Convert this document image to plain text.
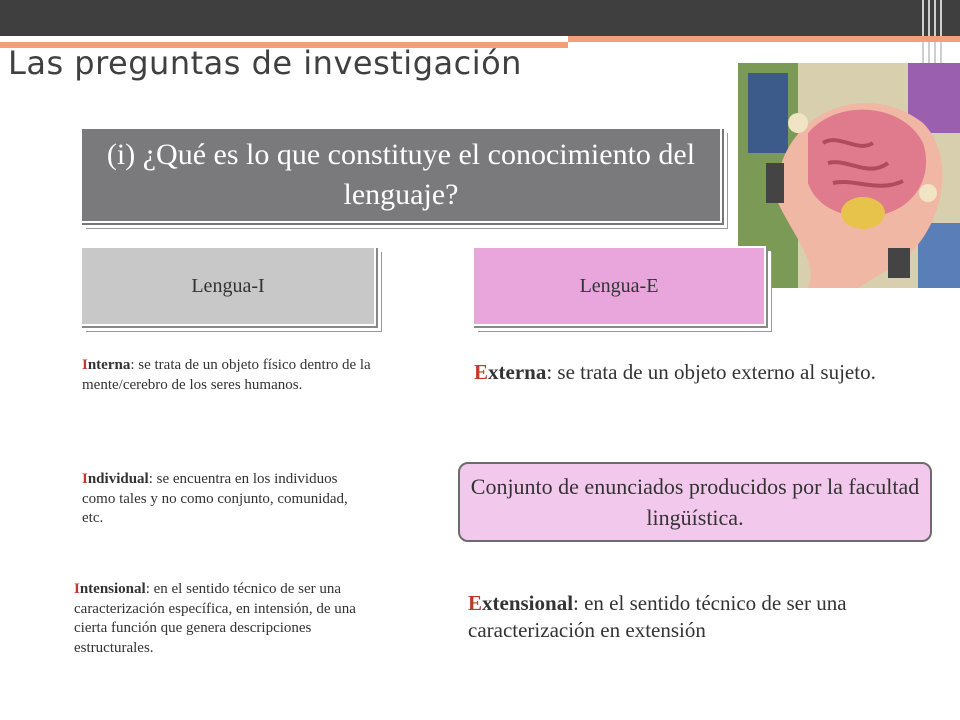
Las preguntas de investigación
(i) ¿Qué es lo que constituye el conocimiento del lenguaje?
Lengua-I	Lengua-E
Interna: se trata de un objeto físico dentro de la mente/cerebro de los seres humanos.
Individual: se encuentra en los individuos como tales y no como conjunto, comunidad, etc.
Intensional: en el sentido técnico de ser una caracterización específica, en intensión, de una cierta función que genera descripciones estructurales.
Externa: se trata de un objeto externo al sujeto.
Conjunto de enunciados producidos por la facultad lingüística.
Extensional: en el sentido técnico de ser una caracterización en extensión
